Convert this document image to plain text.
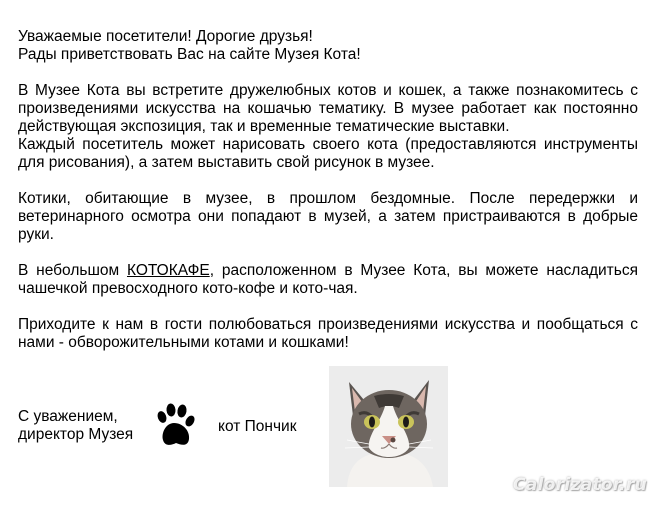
Уважаемые посетители! Дорогие друзья!
Рады приветствовать Вас на сайте Музея Кота!

В Музее Кота вы встретите дружелюбных котов и кошек, а также познакомитесь с произведениями искусства на кошачью тематику. В музее работает как постоянно действующая экспозиция, так и временные тематические выставки.
Каждый посетитель может нарисовать своего кота (предоставляются инструменты для рисования), а затем выставить свой рисунок в музее.

Котики, обитающие в музее, в прошлом бездомные. После передержки и ветеринарного осмотра они попадают в музей, а затем пристраиваются в добрые руки.

В небольшом КОТОКАФЕ, расположенном в Музее Кота, вы можете насладиться чашечкой превосходного кото-кофе и кото-чая.

Приходите к нам в гости полюбоваться произведениями искусства и пообщаться с нами - обворожительными котами и кошками!

С уважением,
директор Музея	кот Пончик
Calorizator.ru
